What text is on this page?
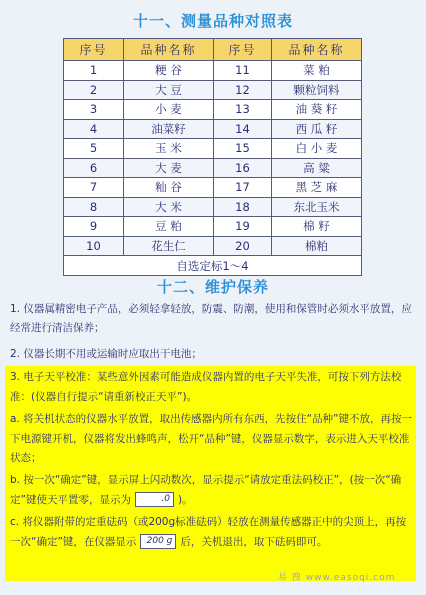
十一、测量品种对照表
序号	品种名称	序号	品种名称
1	粳 谷	11	菜 粕
2	大 豆	12	颗粒饲料
3	小 麦	13	油 葵 籽
4	油菜籽	14	西 瓜 籽
5	玉 米	15	白 小 麦
6	大 麦	16	高 粱
7	籼 谷	17	黑 芝 麻
8	大 米	18	东北玉米
9	豆 粕	19	棉 籽
10	花生仁	20	棉粕
自选定标1～4			
十二、维护保养
1. 仪器属精密电子产品，必须轻拿轻放，防震、防潮，使用和保管时必须水平放置，应经常进行清洁保养；
2. 仪器长期不用或运输时应取出干电池；
3. 电子天平校准：某些意外因素可能造成仪器内置的电子天平失准，可按下列方法校准：(仪器自行提示“请重新校正天平”)。
a. 将关机状态的仪器水平放置，取出传感器内所有东西，先按住“品种”键不放，再按一下电源键开机，仪器将发出蜂鸣声，松开“品种”键，仪器显示数字，表示进入天平校准状态；
b. 按一次“确定”键，显示屏上闪动数次，显示提示“请放定重法码校正”，(按一次“确定”键使天平置零，显示为	.0 )。
c. 将仪器附带的定重砝码（或200g标准砝码）轻放在测量传感器正中的尖顶上，再按一次“确定”键，在仪器显示 200 g 后，关机退出，取下砝码即可。
易 搜 www.easoqi.com
